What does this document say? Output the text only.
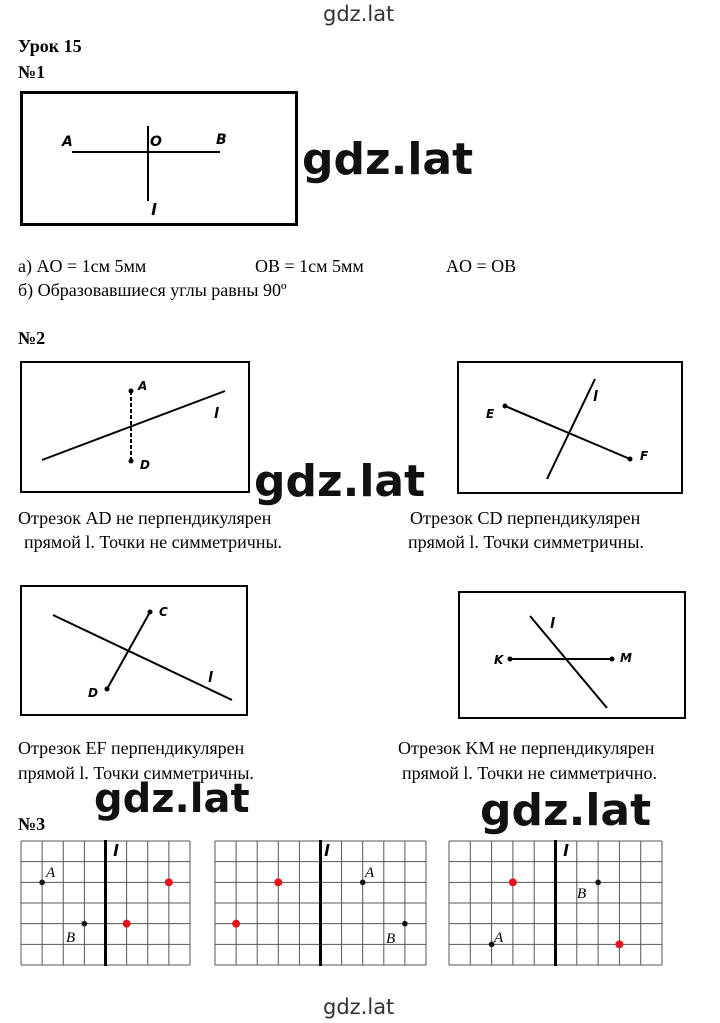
gdz.lat
gdz.lat
gdz.lat
gdz.lat	gdz.lat
gdz.lat
Урок 15
№1
A	O	B
l
а) AO = 1см 5мм	OB = 1см 5мм	AO = OB
б) Образовавшиеся углы равны 90º
№2
A
D
l
Отрезок AD не перпендикулярен
прямой l. Точки не симметричны.
E
F
l
Отрезок CD перпендикулярен
прямой l. Точки симметричны.
C
D
l
Отрезок EF перпендикулярен
прямой l. Точки симметричны.
K	M
l
Отрезок KM не перпендикулярен
прямой l. Точки не симметрично.
№3
l
A
B
l
A
B
l
B
A
